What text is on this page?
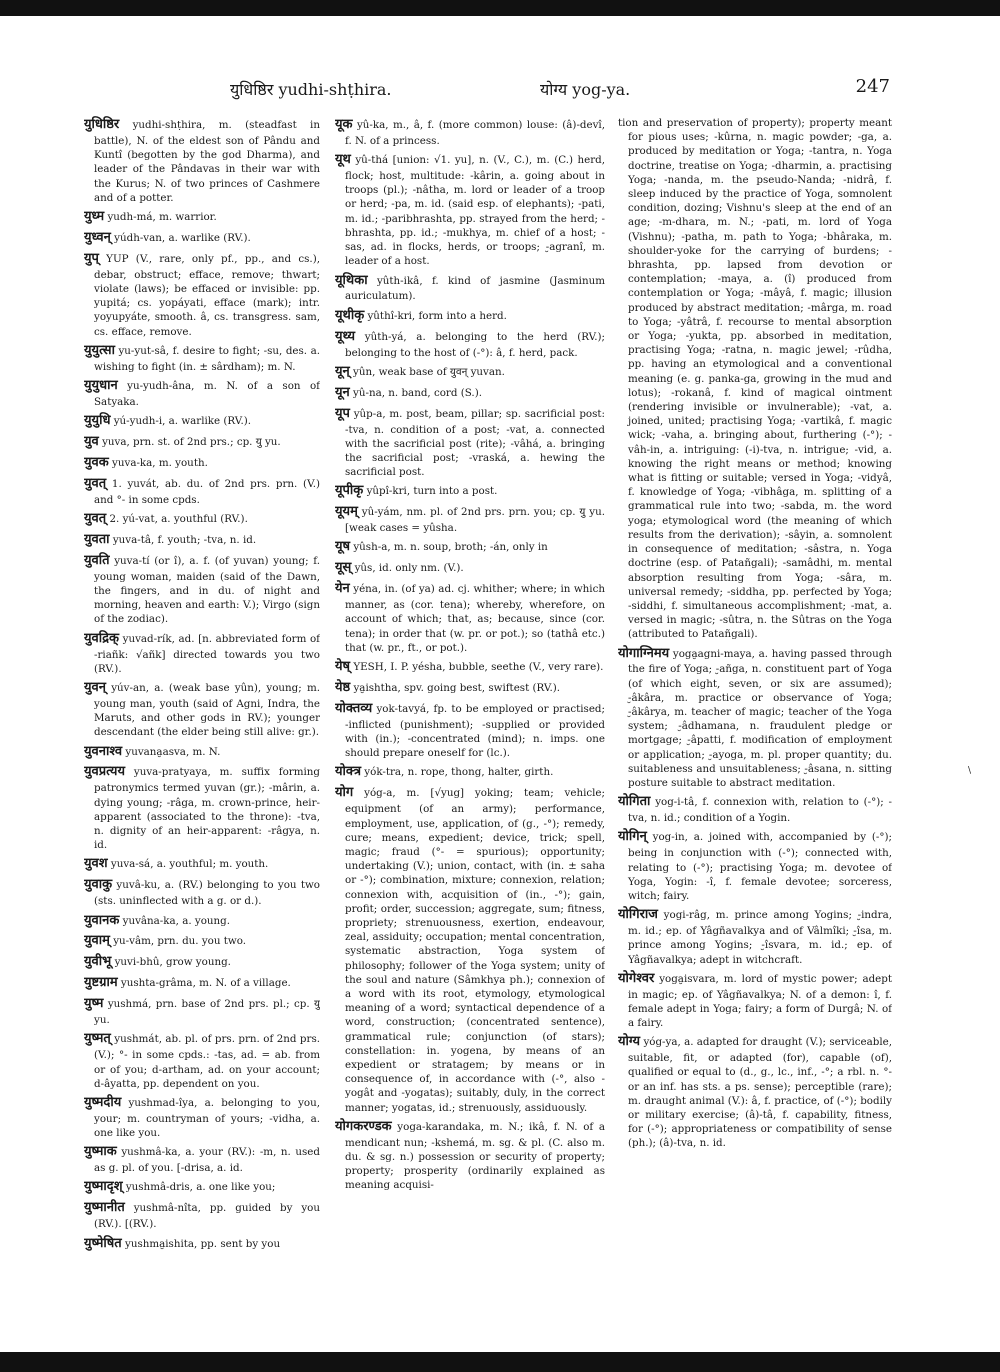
युधिष्ठिर yudhi-shṭhira.	योग्य yog-ya.	247
युधिष्ठिर yudhi-shṭhira, m. (steadfast in battle), N. of the eldest son of Pându and Kuntî (begotten by the god Dharma), and leader of the Pândavas in their war with the Kurus; N. of two princes of Cashmere and of a potter.
युध्म yudh-má, m. warrior.
युध्वन् yúdh-van, a. warlike (RV.).
युप् YUP (V., rare, only pf., pp., and cs.), debar, obstruct; efface, remove; thwart; violate (laws); be effaced or invisible: pp. yupitá; cs. yopáyati, efface (mark); intr. yoyupyáte, smooth. â, cs. transgress. sam, cs. efface, remove.
युयुत्सा yu-yut-sâ, f. desire to fight; -su, des. a. wishing to fight (in. ± sârdham); m. N.
युयुधान yu-yudh-âna, m. N. of a son of Satyaka.
युयुधि yú-yudh-i, a. warlike (RV.).
युव yuva, prn. st. of 2nd prs.; cp. यु yu.
युवक yuva-ka, m. youth.
युवत् 1. yuvát, ab. du. of 2nd prs. prn. (V.) and °- in some cpds.
युवत् 2. yú-vat, a. youthful (RV.).
युवता yuva-tâ, f. youth; -tva, n. id.
युवति yuva-tí (or î), a. f. (of yuvan) young; f. young woman, maiden (said of the Dawn, the fingers, and in du. of night and morning, heaven and earth: V.); Virgo (sign of the zodiac).
युवद्रिक् yuvad-rík, ad. [n. abbreviated form of -riañk: √añk] directed towards you two (RV.).
युवन् yúv-an, a. (weak base yûn), young; m. young man, youth (said of Agni, Indra, the Maruts, and other gods in RV.); younger descendant (the elder being still alive: gr.).
युवनाश्व yuvana̮asva, m. N.
युवप्रत्यय yuva-pratyaya, m. suffix forming patronymics termed yuvan (gr.); -mârin, a. dying young; -râga, m. crown-prince, heir-apparent (associated to the throne): -tva, n. dignity of an heir-apparent: -râgya, n. id.
युवश yuva-sá, a. youthful; m. youth.
युवाकु yuvâ-ku, a. (RV.) belonging to you two (sts. uninflected with a g. or d.).
युवानक yuvâna-ka, a. young.
युवाम् yu-vâm, prn. du. you two.
युवीभू yuvi-bhû, grow young.
युष्टग्राम yushta-grâma, m. N. of a village.
युष्म yushmá, prn. base of 2nd prs. pl.; cp. यु yu.
युष्मत् yushmát, ab. pl. of prs. prn. of 2nd prs. (V.); °- in some cpds.: -tas, ad. = ab. from or of you; d-artham, ad. on your account; d-âyatta, pp. dependent on you.
युष्मदीय yushmad-îya, a. belonging to you, your; m. countryman of yours; -vidha, a. one like you.
युष्माक yushmâ-ka, a. your (RV.): -m, n. used as g. pl. of you. [-drisa, a. id.
युष्मादृश् yushmâ-dris, a. one like you;
युष्मानीत yushmâ-nîta, pp. guided by you (RV.). [(RV.).
युष्मेषित yushma̮ishita, pp. sent by you
यूक yû-ka, m., â, f. (more common) louse: (â)-devî, f. N. of a princess.
यूथ yû-thá [union: √1. yu], n. (V., C.), m. (C.) herd, flock; host, multitude: -kârin, a. going about in troops (pl.); -nâtha, m. lord or leader of a troop or herd; -pa, m. id. (said esp. of elephants); -pati, m. id.; -paribhrashta, pp. strayed from the herd; -bhrashta, pp. id.; -mukhya, m. chief of a host; -sas, ad. in flocks, herds, or troops; -̮agranî, m. leader of a host.
यूथिका yûth-ikâ, f. kind of jasmine (Jasminum auriculatum).
यूथीकृ yûthî-kri, form into a herd.
यूथ्य yûth-yá, a. belonging to the herd (RV.); belonging to the host of (-°): â, f. herd, pack.
यून् yûn, weak base of युवन् yuvan.
यून yû-na, n. band, cord (S.).
यूप yûp-a, m. post, beam, pillar; sp. sacrificial post: -tva, n. condition of a post; -vat, a. connected with the sacrificial post (rite); -vâhá, a. bringing the sacrificial post; -vraská, a. hewing the sacrificial post.
यूपीकृ yûpî-kri, turn into a post.
यूयम् yû-yám, nm. pl. of 2nd prs. prn. you; cp. यु yu. [weak cases = yûsha.
यूष yûsh-a, m. n. soup, broth; -án, only in
यूस् yûs, id. only nm. (V.).
येन yéna, in. (of ya) ad. cj. whither; where; in which manner, as (cor. tena); whereby, wherefore, on account of which; that, as; because, since (cor. tena); in order that (w. pr. or pot.); so (tathâ etc.) that (w. pr., ft., or pot.).
येष् YESH, I. P. yésha, bubble, seethe (V., very rare).
येष्ठ ya̮ishtha, spv. going best, swiftest (RV.).
योक्तव्य yok-tavyá, fp. to be employed or practised; -inflicted (punishment); -supplied or provided with (in.); -concentrated (mind); n. imps. one should prepare oneself for (lc.).
योक्त्र yók-tra, n. rope, thong, halter, girth.
योग yóg-a, m. [√yug] yoking; team; vehicle; equipment (of an army); performance, employment, use, application, of (g., -°); remedy, cure; means, expedient; device, trick; spell, magic; fraud (°- = spurious); opportunity; undertaking (V.); union, contact, with (in. ± saha or -°); combination, mixture; connexion, relation; connexion with, acquisition of (in., -°); gain, profit; order, succession; aggregate, sum; fitness, propriety; strenuousness, exertion, endeavour, zeal, assiduity; occupation; mental concentration, systematic abstraction, Yoga system of philosophy; follower of the Yoga system; unity of the soul and nature (Sâmkhya ph.); connexion of a word with its root, etymology, etymological meaning of a word; syntactical dependence of a word, construction; (concentrated sentence), grammatical rule; conjunction (of stars); constellation: in. yogena, by means of an expedient or stratagem; by means or in consequence of, in accordance with (-°, also -yogât and -yogatas); suitably, duly, in the correct manner; yogatas, id.; strenuously, assiduously.
योगकरण्डक yoga-karandaka, m. N.; ikâ, f. N. of a mendicant nun; -kshemá, m. sg. & pl. (C. also m. du. & sg. n.) possession or security of property; property; prosperity (ordinarily explained as meaning acquisi-
tion and preservation of property); property meant for pious uses; -kûrna, n. magic powder; -ga, a. produced by meditation or Yoga; -tantra, n. Yoga doctrine, treatise on Yoga; -dharmin, a. practising Yoga; -nanda, m. the pseudo-Nanda; -nidrâ, f. sleep induced by the practice of Yoga, somnolent condition, dozing; Vishnu's sleep at the end of an age; -m-dhara, m. N.; -pati, m. lord of Yoga (Vishnu); -patha, m. path to Yoga; -bhâraka, m. shoulder-yoke for the carrying of burdens; -bhrashta, pp. lapsed from devotion or contemplation; -maya, a. (î) produced from contemplation or Yoga; -mâyâ, f. magic; illusion produced by abstract meditation; -mârga, m. road to Yoga; -yâtrâ, f. recourse to mental absorption or Yoga; -yukta, pp. absorbed in meditation, practising Yoga; -ratna, n. magic jewel; -rûdha, pp. having an etymological and a conventional meaning (e. g. panka-ga, growing in the mud and lotus); -rokanâ, f. kind of magical ointment (rendering invisible or invulnerable); -vat, a. joined, united; practising Yoga; -vartikâ, f. magic wick; -vaha, a. bringing about, furthering (-°); -vâh-in, a. intriguing: (-i)-tva, n. intrigue; -vid, a. knowing the right means or method; knowing what is fitting or suitable; versed in Yoga; -vidyâ, f. knowledge of Yoga; -vibhâga, m. splitting of a grammatical rule into two; -sabda, m. the word yoga; etymological word (the meaning of which results from the derivation); -sâyin, a. somnolent in consequence of meditation; -sâstra, n. Yoga doctrine (esp. of Patañgali); -samâdhi, m. mental absorption resulting from Yoga; -sâra, m. universal remedy; -siddha, pp. perfected by Yoga; -siddhi, f. simultaneous accomplishment; -mat, a. versed in magic; -sûtra, n. the Sûtras on the Yoga (attributed to Patañgali).
योगाग्निमय yoga̮agni-maya, a. having passed through the fire of Yoga; -̮añga, n. constituent part of Yoga (of which eight, seven, or six are assumed); -̮âkâra, m. practice or observance of Yoga; -̮âkârya, m. teacher of magic; teacher of the Yoga system; -̮âdhamana, n. fraudulent pledge or mortgage; -̮âpatti, f. modification of employment or application; -̮ayoga, m. pl. proper quantity; du. suitableness and unsuitableness; -̮âsana, n. sitting posture suitable to abstract meditation.
योगिता yog-i-tâ, f. connexion with, relation to (-°); -tva, n. id.; condition of a Yogin.
योगिन् yog-in, a. joined with, accompanied by (-°); being in conjunction with (-°); connected with, relating to (-°); practising Yoga; m. devotee of Yoga, Yogin: -î, f. female devotee; sorceress, witch; fairy.
योगिराज yogi-râg, m. prince among Yogins; -̮indra, m. id.; ep. of Yâgñavalkya and of Vâlmîki; -̮îsa, m. prince among Yogins; -̮îsvara, m. id.; ep. of Yâgñavalkya; adept in witchcraft.
योगेश्वर yoga̮isvara, m. lord of mystic power; adept in magic; ep. of Yâgñavalkya; N. of a demon: î, f. female adept in Yoga; fairy; a form of Durgâ; N. of a fairy.
योग्य yóg-ya, a. adapted for draught (V.); serviceable, suitable, fit, or adapted (for), capable (of), qualified or equal to (d., g., lc., inf., -°; a rbl. n. °- or an inf. has sts. a ps. sense); perceptible (rare); m. draught animal (V.): â, f. practice, of (-°); bodily or military exercise; (â)-tâ, f. capability, fitness, for (-°); appropriateness or compatibility of sense (ph.); (â)-tva, n. id.
\
